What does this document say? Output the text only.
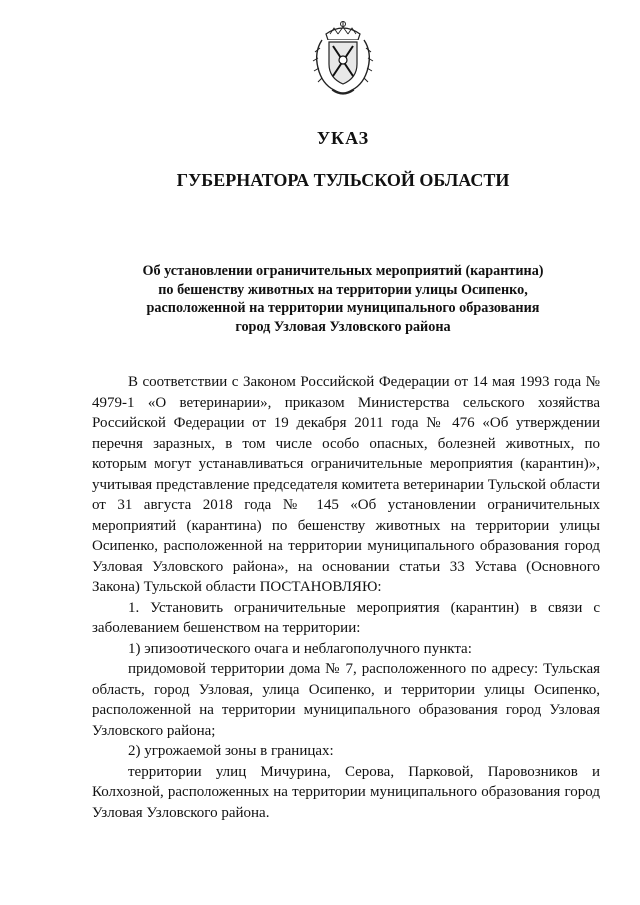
УКАЗ
ГУБЕРНАТОРА ТУЛЬСКОЙ ОБЛАСТИ
Об установлении ограничительных мероприятий (карантина)
по бешенству животных на территории улицы Осипенко,
расположенной на территории муниципального образования
город Узловая Узловского района

В соответствии с Законом Российской Федерации от 14 мая 1993 года № 4979-1 «О ветеринарии», приказом Министерства сельского хозяйства Российской Федерации от 19 декабря 2011 года № 476 «Об утверждении перечня заразных, в том числе особо опасных, болезней животных, по которым могут устанавливаться ограничительные мероприятия (карантин)», учитывая представление председателя комитета ветеринарии Тульской области от 31 августа 2018 года № 145 «Об установлении ограничительных мероприятий (карантина) по бешенству животных на территории улицы Осипенко, расположенной на территории муниципального образования город Узловая Узловского района», на основании статьи 33 Устава (Основного Закона) Тульской области ПОСТАНОВЛЯЮ:

1. Установить ограничительные мероприятия (карантин) в связи с заболеванием бешенством на территории:

1) эпизоотического очага и неблагополучного пункта:

придомовой территории дома № 7, расположенного по адресу: Тульская область, город Узловая, улица Осипенко, и территории улицы Осипенко, расположенной на территории муниципального образования город Узловая Узловского района;

2) угрожаемой зоны в границах:

территории улиц Мичурина, Серова, Парковой, Паровозников и Колхозной, расположенных на территории муниципального образования город Узловая Узловского района.
